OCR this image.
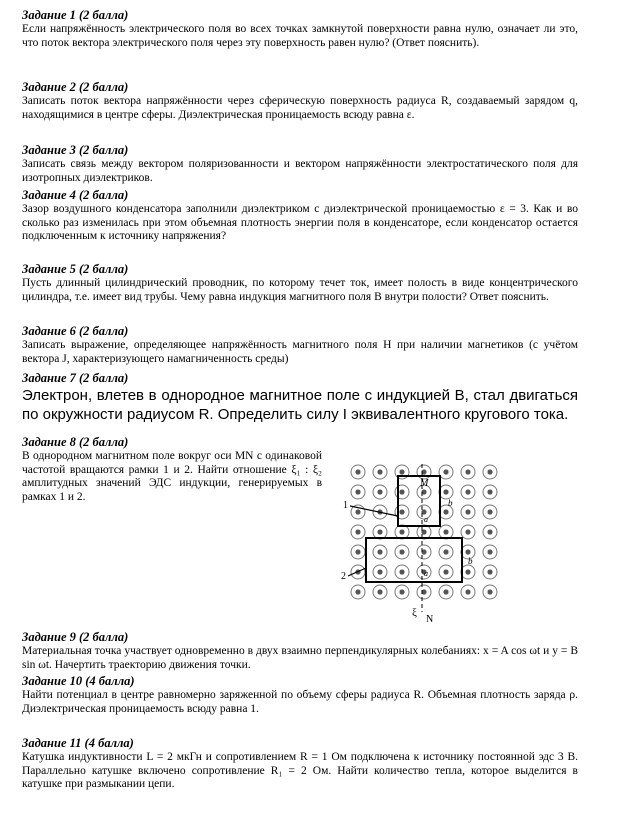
Задание 1 (2 балла)
Если напряжённость электрического поля во всех точках замкнутой поверхности равна нулю, означает ли это, что поток вектора электрического поля через эту поверхность равен нулю? (Ответ пояснить).
Задание 2 (2 балла)
Записать поток вектора напряжённости через сферическую поверхность радиуса R, создаваемый зарядом q, находящимися в центре сферы. Диэлектрическая проницаемость всюду равна ε.
Задание 3 (2 балла)
Записать связь между вектором поляризованности и вектором напряжённости электростатического поля для изотропных диэлектриков.
Задание 4 (2 балла)
Зазор воздушного конденсатора заполнили диэлектриком с диэлектрической проницаемостью ε = 3. Как и во сколько раз изменилась при этом объемная плотность энергии поля в конденсаторе, если конденсатор остается подключенным к источнику напряжения?
Задание 5 (2 балла)
Пусть длинный цилиндрический проводник, по которому течет ток, имеет полость в виде концентрического цилиндра, т.е. имеет вид трубы. Чему равна индукция магнитного поля B внутри полости? Ответ пояснить.
Задание 6 (2 балла)
Записать выражение, определяющее напряжённость магнитного поля H при наличии магнетиков (с учётом вектора J, характеризующего намагниченность среды)
Задание 7 (2 балла)
Электрон, влетев в однородное магнитное поле с индукцией B, стал двигаться по окружности радиусом R. Определить силу I эквивалентного кругового тока.
Задание 8 (2 балла)
В однородном магнитном поле вокруг оси MN с одинаковой частотой вращаются рамки 1 и 2. Найти отношение ξ₁ : ξ₂ амплитудных значений ЭДС индукции, генерируемых в рамках 1 и 2.
M
N
ξ
1
2
a
b
a
b
Задание 9 (2 балла)
Материальная точка участвует одновременно в двух взаимно перпендикулярных колебаниях: x = A cos ωt и y = B sin ωt. Начертить траекторию движения точки.
Задание 10 (4 балла)
Найти потенциал в центре равномерно заряженной по объему сферы радиуса R. Объемная плотность заряда ρ. Диэлектрическая проницаемость всюду равна 1.
Задание 11 (4 балла)
Катушка индуктивности L = 2 мкГн и сопротивлением R = 1 Ом подключена к источнику постоянной эдс 3 В. Параллельно катушке включено сопротивление R₁ = 2 Ом. Найти количество тепла, которое выделится в катушке при размыкании цепи.
